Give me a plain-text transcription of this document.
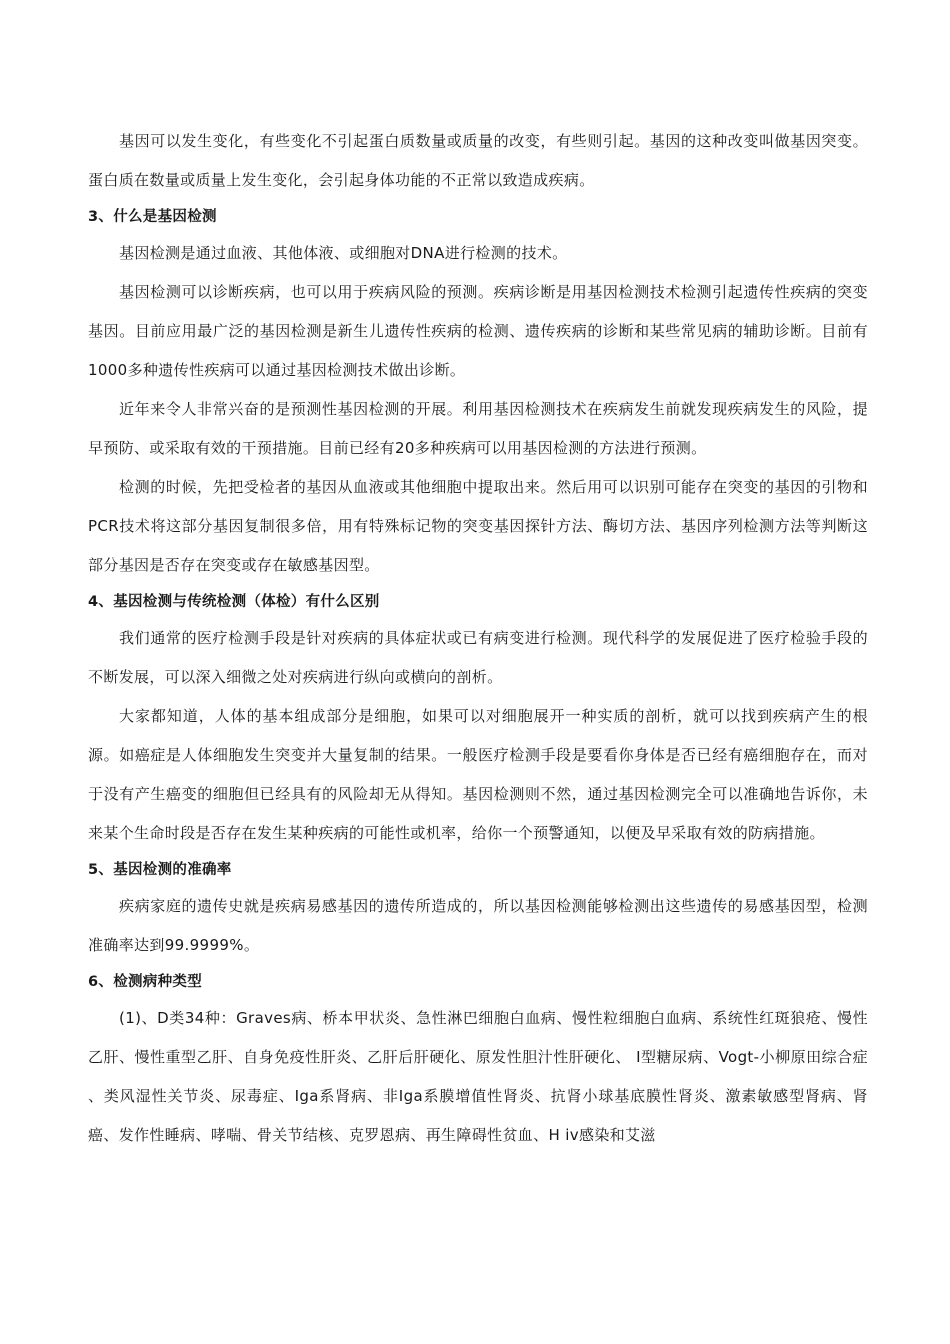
基因可以发生变化，有些变化不引起蛋白质数量或质量的改变，有些则引起。基因的这种改变叫做基因突变。蛋白质在数量或质量上发生变化，会引起身体功能的不正常以致造成疾病。

3、什么是基因检测

基因检测是通过血液、其他体液、或细胞对DNA进行检测的技术。

基因检测可以诊断疾病，也可以用于疾病风险的预测。疾病诊断是用基因检测技术检测引起遗传性疾病的突变基因。目前应用最广泛的基因检测是新生儿遗传性疾病的检测、遗传疾病的诊断和某些常见病的辅助诊断。目前有1000多种遗传性疾病可以通过基因检测技术做出诊断。

近年来令人非常兴奋的是预测性基因检测的开展。利用基因检测技术在疾病发生前就发现疾病发生的风险，提早预防、或采取有效的干预措施。目前已经有20多种疾病可以用基因检测的方法进行预测。

检测的时候，先把受检者的基因从血液或其他细胞中提取出来。然后用可以识别可能存在突变的基因的引物和PCR技术将这部分基因复制很多倍，用有特殊标记物的突变基因探针方法、酶切方法、基因序列检测方法等判断这部分基因是否存在突变或存在敏感基因型。

4、基因检测与传统检测（体检）有什么区别

我们通常的医疗检测手段是针对疾病的具体症状或已有病变进行检测。现代科学的发展促进了医疗检验手段的不断发展，可以深入细微之处对疾病进行纵向或横向的剖析。

大家都知道，人体的基本组成部分是细胞，如果可以对细胞展开一种实质的剖析，就可以找到疾病产生的根源。如癌症是人体细胞发生突变并大量复制的结果。一般医疗检测手段是要看你身体是否已经有癌细胞存在，而对于没有产生癌变的细胞但已经具有的风险却无从得知。基因检测则不然，通过基因检测完全可以准确地告诉你，未来某个生命时段是否存在发生某种疾病的可能性或机率，给你一个预警通知，以便及早采取有效的防病措施。

5、基因检测的准确率

疾病家庭的遗传史就是疾病易感基因的遗传所造成的，所以基因检测能够检测出这些遗传的易感基因型，检测准确率达到99.9999%。

6、检测病种类型

(1)、D类34种：Graves病、桥本甲状炎、急性淋巴细胞白血病、慢性粒细胞白血病、系统性红斑狼疮、慢性乙肝、慢性重型乙肝、自身免疫性肝炎、乙肝后肝硬化、原发性胆汁性肝硬化、 I型糖尿病、Vogt-小柳原田综合症 、类风湿性关节炎、尿毒症、Iga系肾病、非Iga系膜增值性肾炎、抗肾小球基底膜性肾炎、激素敏感型肾病、肾癌、发作性睡病、哮喘、骨关节结核、克罗恩病、再生障碍性贫血、H iv感染和艾滋
